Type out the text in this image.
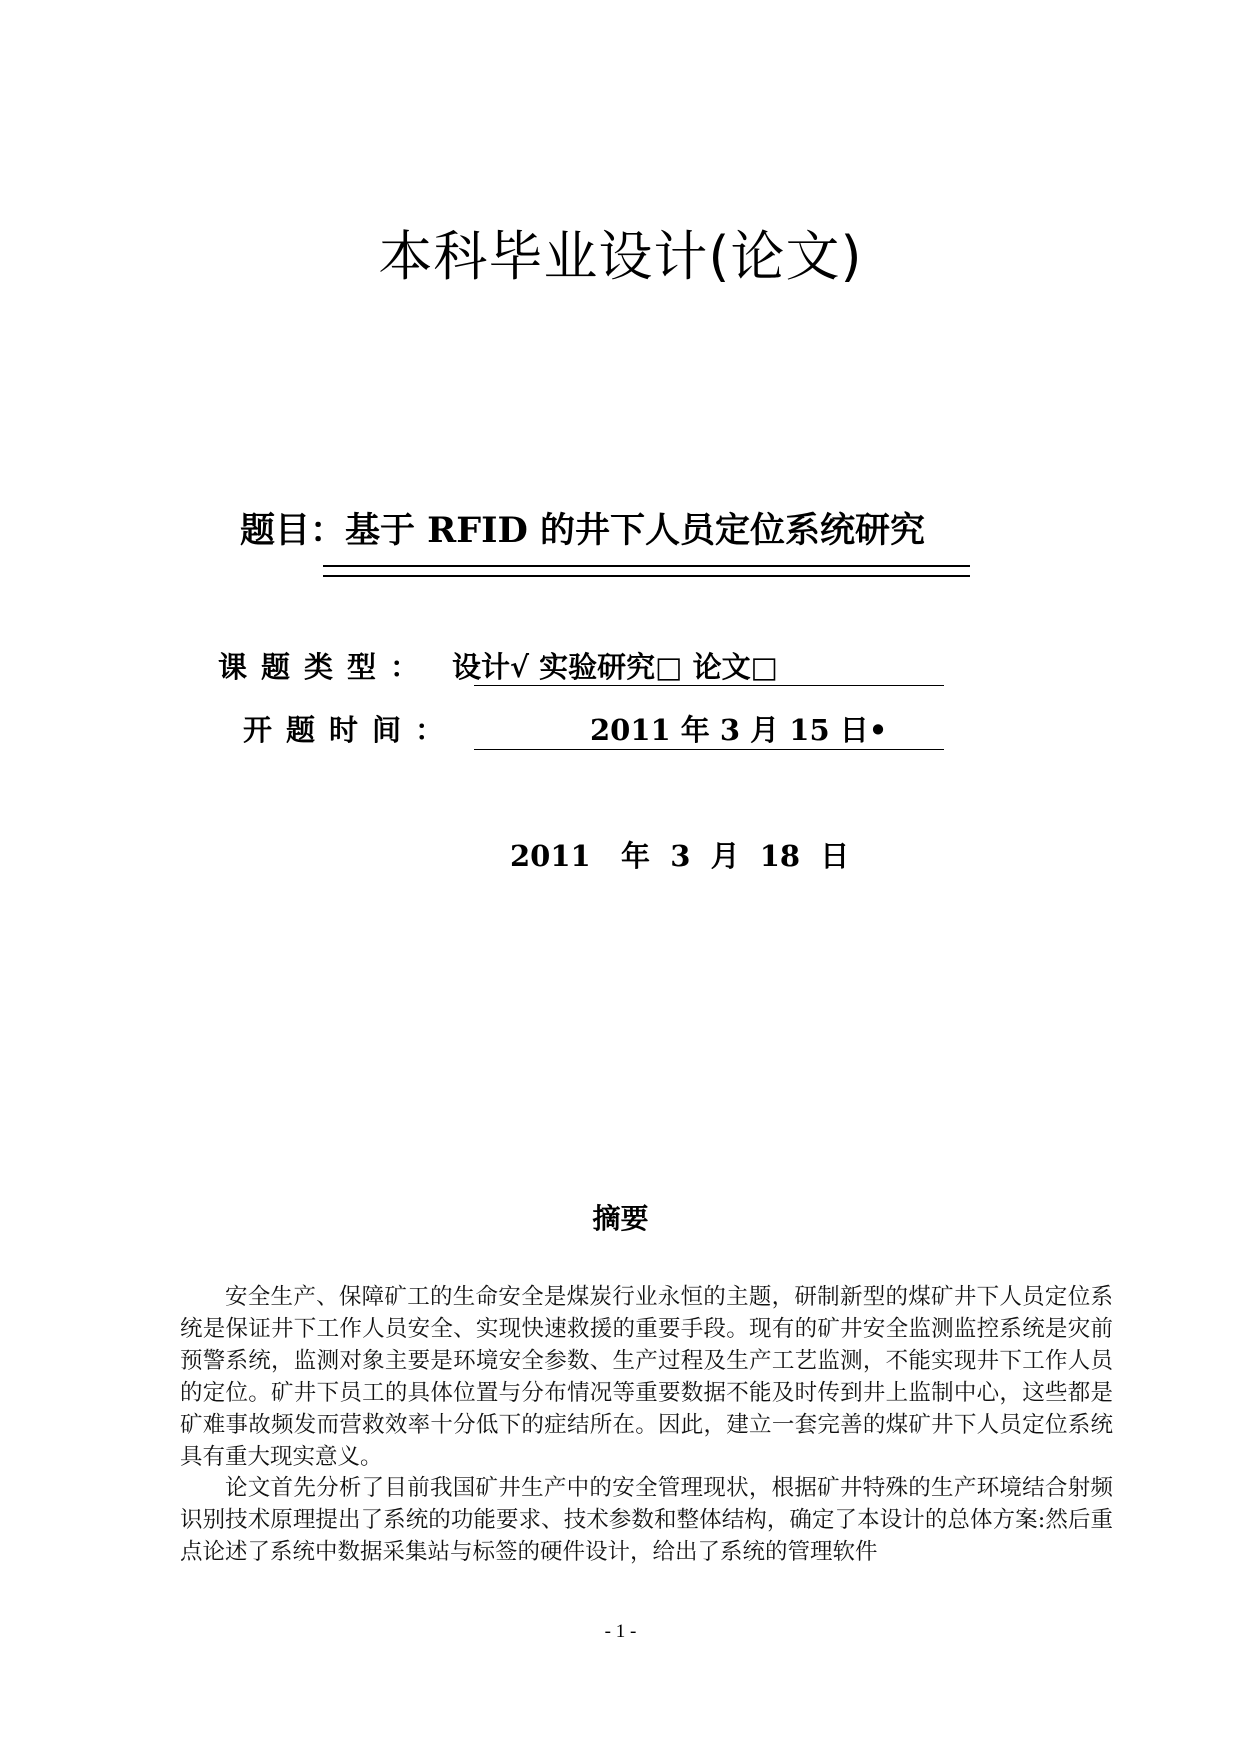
本科毕业设计(论文)
题目：基于 RFID 的井下人员定位系统研究
课题类型： 设计√ 实验研究□ 论文□
开题时间：	2011 年 3 月 15 日•
2011   年  3  月  18  日
摘要

安全生产、保障矿工的生命安全是煤炭行业永恒的主题，研制新型的煤矿井下人员定位系统是保证井下工作人员安全、实现快速救援的重要手段。现有的矿井安全监测监控系统是灾前预警系统，监测对象主要是环境安全参数、生产过程及生产工艺监测，不能实现井下工作人员的定位。矿井下员工的具体位置与分布情况等重要数据不能及时传到井上监制中心，这些都是矿难事故频发而营救效率十分低下的症结所在。因此，建立一套完善的煤矿井下人员定位系统具有重大现实意义。

论文首先分析了目前我国矿井生产中的安全管理现状，根据矿井特殊的生产环境结合射频识别技术原理提出了系统的功能要求、技术参数和整体结构，确定了本设计的总体方案:然后重点论述了系统中数据采集站与标签的硬件设计，给出了系统的管理软件

- 1 -
